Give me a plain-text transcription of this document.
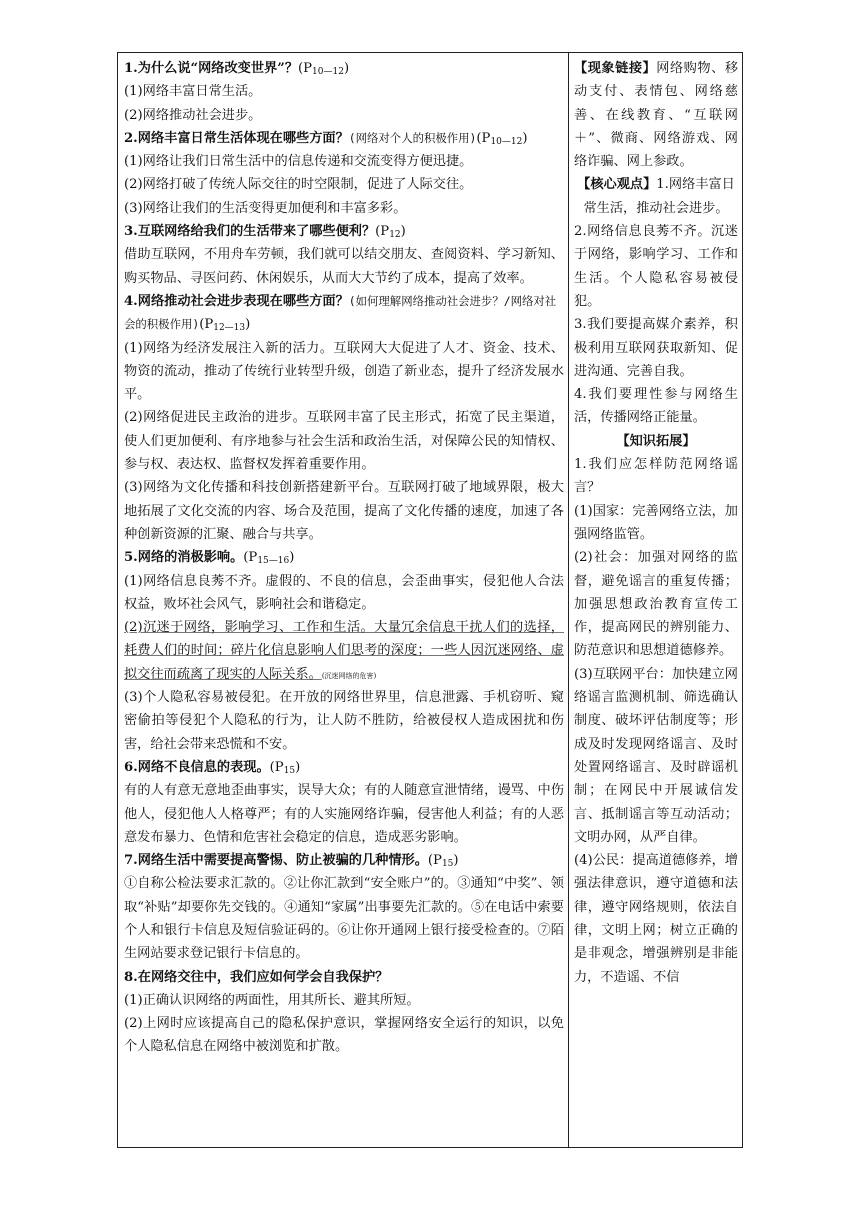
1.为什么说“网络改变世界”？$(P_{10—12})$

(1)网络丰富日常生活。

(2)网络推动社会进步。

2.网络丰富日常生活体现在哪些方面？(网络对个人的积极作用)$(P_{10—12})$

(1)网络让我们日常生活中的信息传递和交流变得方便迅捷。

(2)网络打破了传统人际交往的时空限制，促进了人际交往。

(3)网络让我们的生活变得更加便利和丰富多彩。

3.互联网络给我们的生活带来了哪些便利？$(P_{12})$

借助互联网，不用舟车劳顿，我们就可以结交朋友、查阅资料、学习新知、购买物品、寻医问药、休闲娱乐，从而大大节约了成本，提高了效率。

4.网络推动社会进步表现在哪些方面？(如何理解网络推动社会进步？/网络对社会的积极作用)$(P_{12—13})$

(1)网络为经济发展注入新的活力。互联网大大促进了人才、资金、技术、物资的流动，推动了传统行业转型升级，创造了新业态，提升了经济发展水平。

(2)网络促进民主政治的进步。互联网丰富了民主形式，拓宽了民主渠道，使人们更加便利、有序地参与社会生活和政治生活，对保障公民的知情权、参与权、表达权、监督权发挥着重要作用。

(3)网络为文化传播和科技创新搭建新平台。互联网打破了地域界限，极大地拓展了文化交流的内容、场合及范围，提高了文化传播的速度，加速了各种创新资源的汇聚、融合与共享。

5.网络的消极影响。$(P_{15—16})$

(1)网络信息良莠不齐。虚假的、不良的信息，会歪曲事实，侵犯他人合法权益，败坏社会风气，影响社会和谐稳定。

(2)沉迷于网络，影响学习、工作和生活。大量冗余信息干扰人们的选择，耗费人们的时间；碎片化信息影响人们思考的深度；一些人因沉迷网络、虚拟交往而疏离了现实的人际关系。(沉迷网络的危害)

(3)个人隐私容易被侵犯。在开放的网络世界里，信息泄露、手机窃听、窥密偷拍等侵犯个人隐私的行为，让人防不胜防，给被侵权人造成困扰和伤害，给社会带来恐慌和不安。

6.网络不良信息的表现。$(P_{15})$

有的人有意无意地歪曲事实，误导大众；有的人随意宣泄情绪，谩骂、中伤他人，侵犯他人人格尊严；有的人实施网络诈骗，侵害他人利益；有的人恶意发布暴力、色情和危害社会稳定的信息，造成恶劣影响。

7.网络生活中需要提高警惕、防止被骗的几种情形。$(P_{15})$

①自称公检法要求汇款的。②让你汇款到“安全账户”的。③通知“中奖”、领取“补贴”却要你先交钱的。④通知“家属”出事要先汇款的。⑤在电话中索要个人和银行卡信息及短信验证码的。⑥让你开通网上银行接受检查的。⑦陌生网站要求登记银行卡信息的。

8.在网络交往中，我们应如何学会自我保护？

(1)正确认识网络的两面性，用其所长、避其所短。

(2)上网时应该提高自己的隐私保护意识，掌握网络安全运行的知识，以免个人隐私信息在网络中被浏览和扩散。

【现象链接】网络购物、移动支付、表情包、网络慈善、在线教育、“互联网＋”、微商、网络游戏、网络诈骗、网上参政。

【核心观点】1.网络丰富日常生活，推动社会进步。

2.网络信息良莠不齐。沉迷于网络，影响学习、工作和生活。个人隐私容易被侵犯。

3.我们要提高媒介素养，积极利用互联网获取新知、促进沟通、完善自我。

4.我们要理性参与网络生活，传播网络正能量。

【知识拓展】

1.我们应怎样防范网络谣言？

(1)国家：完善网络立法，加强网络监管。

(2)社会：加强对网络的监督，避免谣言的重复传播；加强思想政治教育宣传工作，提高网民的辨别能力、防范意识和思想道德修养。

(3)互联网平台：加快建立网络谣言监测机制、筛选确认制度、破坏评估制度等；形成及时发现网络谣言、及时处置网络谣言、及时辟谣机制；在网民中开展诚信发言、抵制谣言等互动活动；文明办网，从严自律。

(4)公民：提高道德修养，增强法律意识，遵守道德和法律，遵守网络规则，依法自律，文明上网；树立正确的是非观念，增强辨别是非能力，不造谣、不信
